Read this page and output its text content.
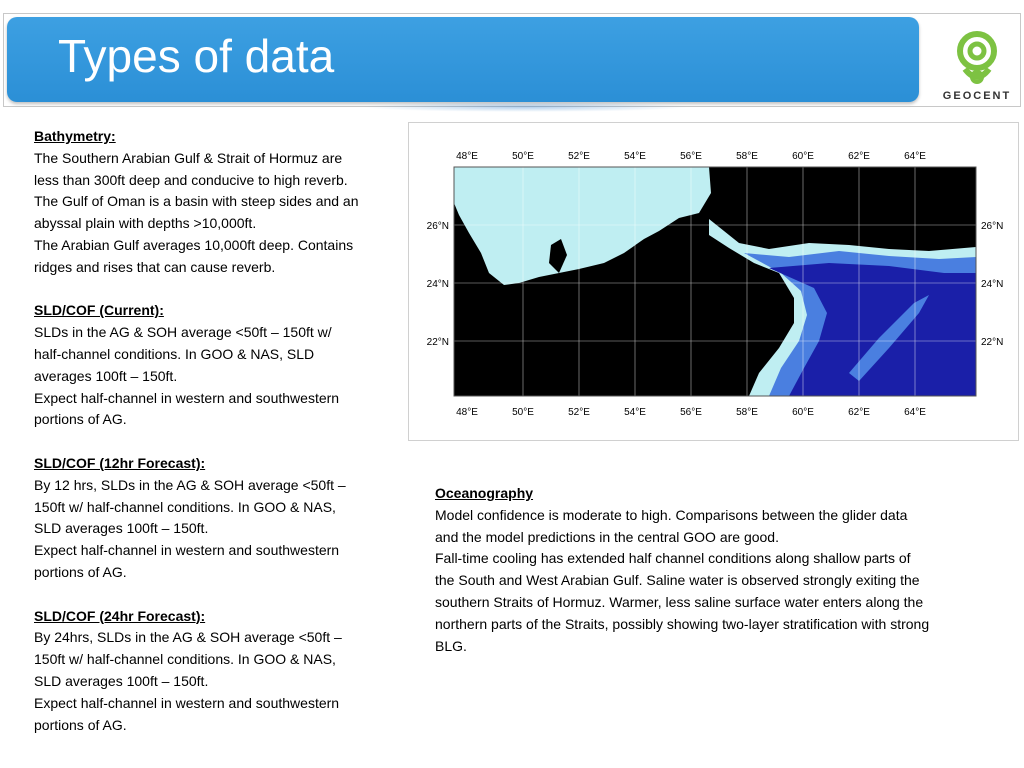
Types of data
GEOCENT
Bathymetry:
The Southern Arabian Gulf & Strait of Hormuz are
less than 300ft deep and conducive to high reverb.
The Gulf of Oman is a basin with steep sides and an
abyssal plain with depths >10,000ft.
The Arabian Gulf averages 10,000ft deep. Contains
ridges and rises that can cause reverb.
SLD/COF (Current):
SLDs in the AG & SOH average <50ft – 150ft w/
half-channel conditions. In GOO & NAS, SLD
averages 100ft – 150ft.
Expect half-channel in western and southwestern
portions of AG.
SLD/COF (12hr Forecast):
By 12 hrs, SLDs in the AG & SOH average <50ft –
150ft w/ half-channel conditions. In GOO & NAS,
SLD averages 100ft – 150ft.
Expect half-channel in western and southwestern
portions of AG.
SLD/COF (24hr Forecast):
By 24hrs, SLDs in the AG & SOH average <50ft –
150ft w/ half-channel conditions. In GOO & NAS,
SLD averages 100ft – 150ft.
Expect half-channel in western and southwestern
portions of AG.
48°E	50°E	52°E	54°E	56°E	58°E	60°E	62°E	64°E
48°E	50°E	52°E	54°E	56°E	58°E	60°E	62°E	64°E
26°N
24°N
22°N
26°N
24°N
22°N
Oceanography
Model confidence is moderate to high. Comparisons between the glider data
and the model predictions in the central GOO are good.
Fall-time cooling has extended half channel conditions along shallow parts of
the South and West Arabian Gulf. Saline water is observed strongly exiting the
southern Straits of Hormuz. Warmer, less saline surface water enters along the
northern parts of the Straits, possibly showing two-layer stratification with strong
BLG.
